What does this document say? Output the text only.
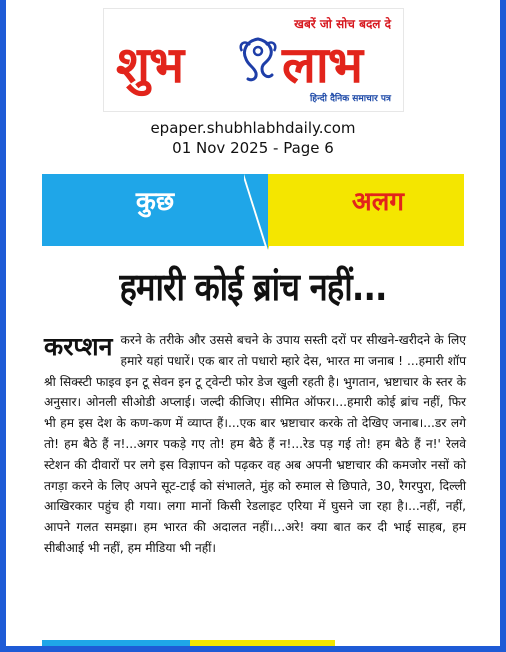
खबरें जो सोच बदल दे
शुभ लाभ
हिन्दी दैनिक समाचार पत्र
epaper.shubhlabhdaily.com
01 Nov 2025 - Page 6
कुछ	अलग
हमारी कोई ब्रांच नहीं...
करप्शन करने के तरीके और उससे बचने के उपाय सस्ती दरों पर सीखने-खरीदने के लिए हमारे यहां पधारें। एक बार तो पधारो म्हारे देस, भारत मा जनाब ! ...हमारी शॉप श्री सिक्स्टी फाइव इन टू सेवन इन टू ट्वेन्टी फोर डेज खुली रहती है। भुगतान, भ्रष्टाचार के स्तर के अनुसार। ओनली सीओडी अप्लाई। जल्दी कीजिए। सीमित ऑफर।...हमारी कोई ब्रांच नहीं, फिर भी हम इस देश के कण-कण में व्याप्त हैं।...एक बार भ्रष्टाचार करके तो देखिए जनाब।...डर लगे तो! हम बैठे हैं न!...अगर पकड़े गए तो! हम बैठे हैं न!...रेड पड़ गई तो! हम बैठे हैं न!' रेलवे स्टेशन की दीवारों पर लगे इस विज्ञापन को पढ़कर वह अब अपनी भ्रष्टाचार की कमजोर नसों को तगड़ा करने के लिए अपने सूट-टाई को संभालते, मुंह को रुमाल से छिपाते, 30, रैगरपुरा, दिल्ली आखिरकार पहुंच ही गया। लगा मानों किसी रेडलाइट एरिया में घुसने जा रहा है।...नहीं, नहीं, आपने गलत समझा। हम भारत की अदालत नहीं।...अरे! क्या बात कर दी भाई साहब, हम सीबीआई भी नहीं, हम मीडिया भी नहीं।
